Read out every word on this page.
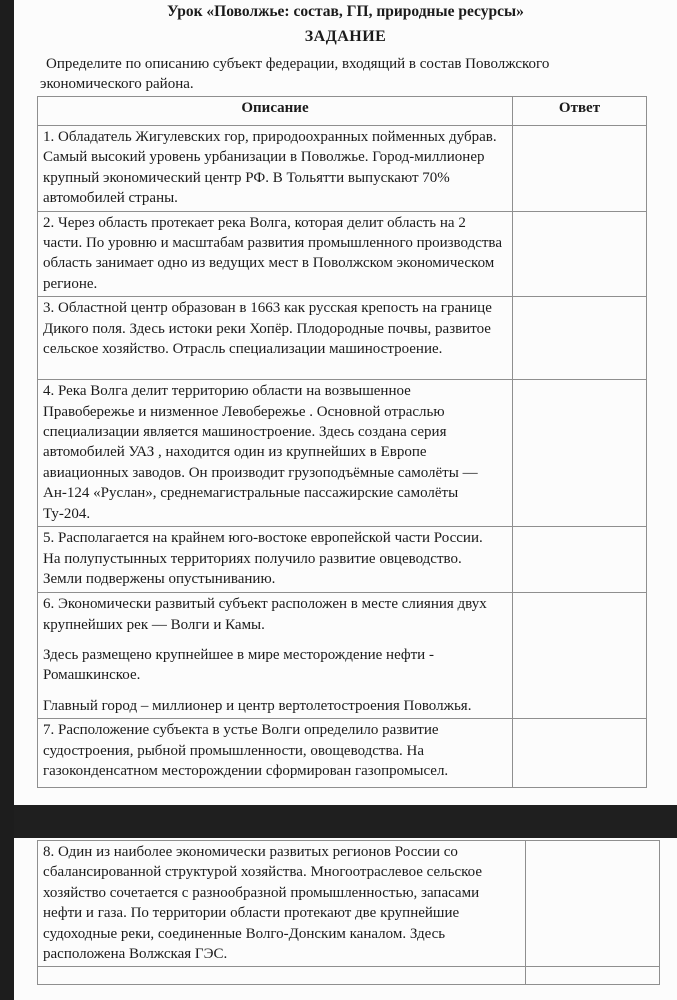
Урок «Поволжье: состав, ГП, природные ресурсы»
ЗАДАНИЕ

Определите по описанию субъект федерации, входящий в состав Поволжского экономического района.

Описание	Ответ

1. Обладатель Жигулевских гор, природоохранных пойменных дубрав. Самый высокий уровень урбанизации в Поволжье. Город-миллионер крупный экономический центр РФ. В Тольятти выпускают 70% автомобилей страны.	

2. Через область протекает река Волга, которая делит область на 2 части. По уровню и масштабам развития промышленного производства область занимает одно из ведущих мест в Поволжском экономическом регионе.	

3. Областной центр образован в 1663 как русская крепость на границе Дикого поля. Здесь истоки реки Хопёр. Плодородные почвы, развитое сельское хозяйство. Отрасль специализации машиностроение.	

4. Река Волга делит территорию области на возвышенное Правобережье и низменное Левобережье . Основной отраслью специализации является машиностроение. Здесь создана серия автомобилей УАЗ , находится один из крупнейших в Европе авиационных заводов. Он производит грузоподъёмные самолёты — Ан-124 «Руслан», среднемагистральные пассажирские самолёты Ту-204.	

5. Располагается на крайнем юго-востоке европейской части России. На полупустынных территориях получило развитие овцеводство. Земли подвержены опустыниванию.	

6. Экономически развитый субъект расположен в месте слияния двух крупнейших рек — Волги и Камы.

Здесь размещено крупнейшее в мире месторождение нефти - Ромашкинское.

Главный город – миллионер и центр вертолетостроения Поволжья.	

7. Расположение субъекта в устье Волги определило развитие судостроения, рыбной промышленности, овощеводства. На газоконденсатном месторождении сформирован газопромысел.	

8. Один из наиболее экономически развитых регионов России со сбалансированной структурой хозяйства. Многоотраслевое сельское хозяйство сочетается с разнообразной промышленностью, запасами нефти и газа. По территории области протекают две крупнейшие судоходные реки, соединенные Волго-Донским каналом. Здесь расположена Волжская ГЭС.	
